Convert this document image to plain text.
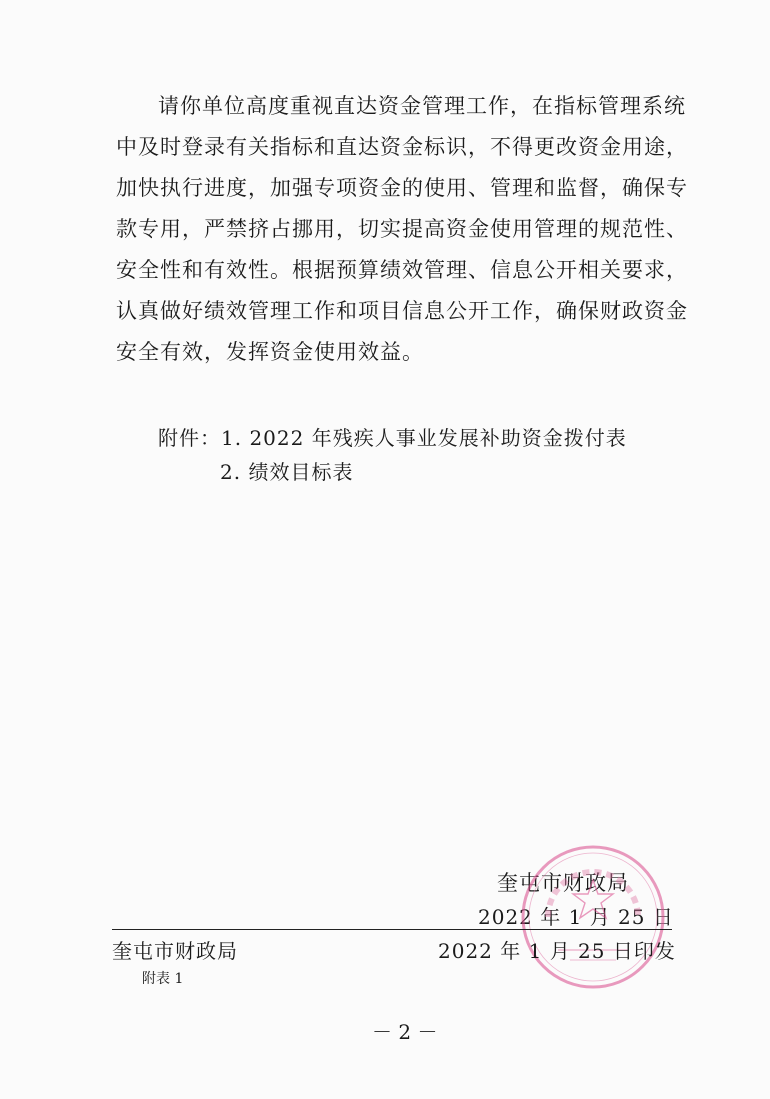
请你单位高度重视直达资金管理工作，在指标管理系统
中及时登录有关指标和直达资金标识，不得更改资金用途，
加快执行进度，加强专项资金的使用、管理和监督，确保专
款专用，严禁挤占挪用，切实提高资金使用管理的规范性、
安全性和有效性。根据预算绩效管理、信息公开相关要求，
认真做好绩效管理工作和项目信息公开工作，确保财政资金
安全有效，发挥资金使用效益。
附件：1. 2022 年残疾人事业发展补助资金拨付表
2. 绩效目标表
奎屯市财政局
2022 年 1 月 25 日
奎屯市财政局	2022 年 1 月 25 日印发
附表 1
－ 2 －
